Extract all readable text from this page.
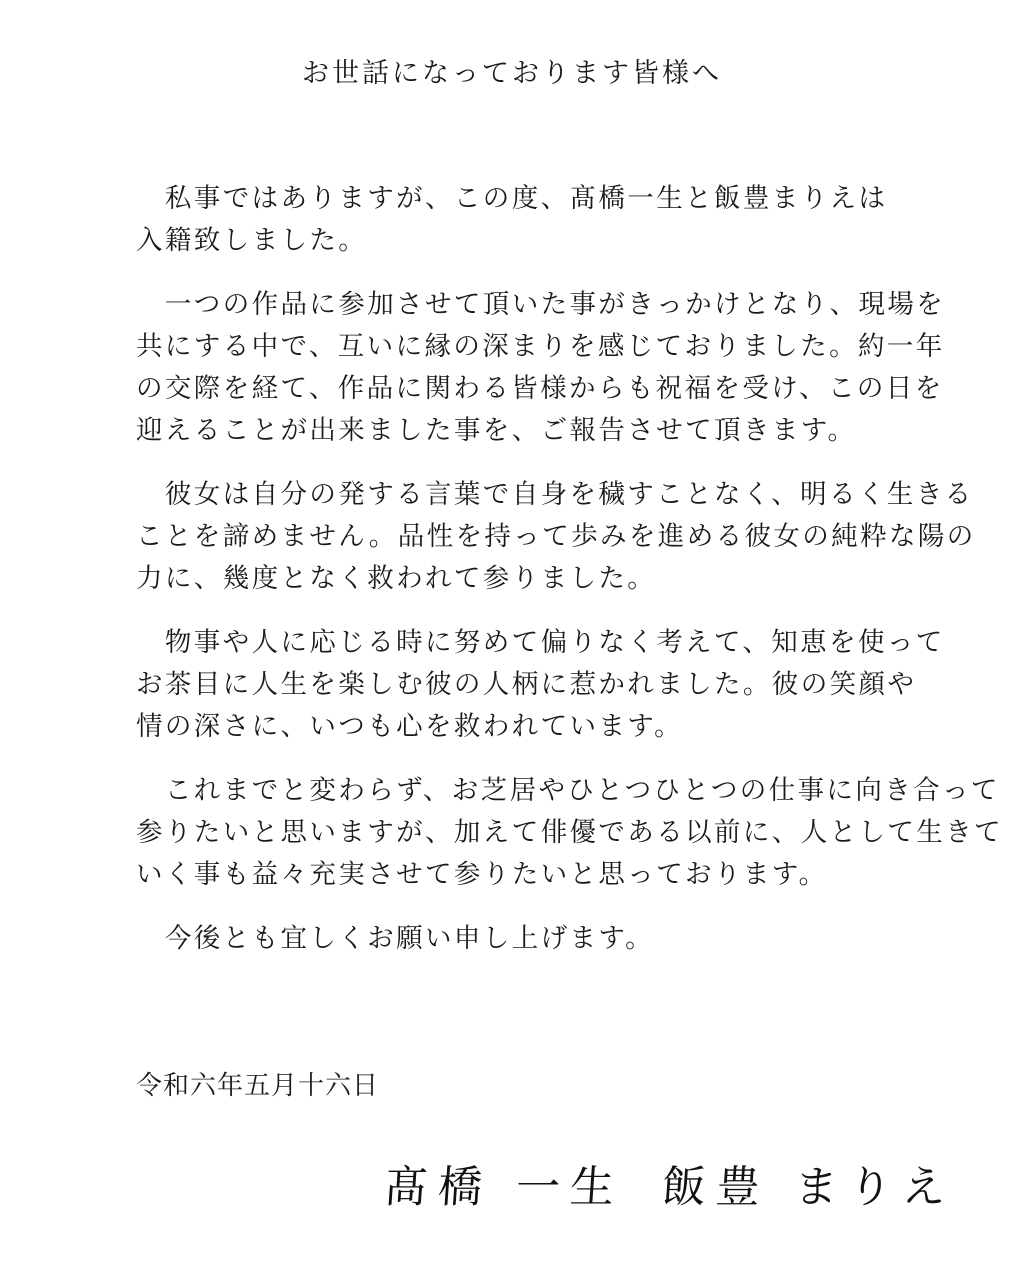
お世話になっております皆様へ

　私事ではありますが、この度、髙橋一生と飯豊まりえは
入籍致しました。

　一つの作品に参加させて頂いた事がきっかけとなり、現場を
共にする中で、互いに縁の深まりを感じておりました。約一年
の交際を経て、作品に関わる皆様からも祝福を受け、この日を
迎えることが出来ました事を、ご報告させて頂きます。

　彼女は自分の発する言葉で自身を穢すことなく、明るく生きる
ことを諦めません。品性を持って歩みを進める彼女の純粋な陽の
力に、幾度となく救われて参りました。

　物事や人に応じる時に努めて偏りなく考えて、知恵を使って
お茶目に人生を楽しむ彼の人柄に惹かれました。彼の笑顔や
情の深さに、いつも心を救われています。

　これまでと変わらず、お芝居やひとつひとつの仕事に向き合って
参りたいと思いますが、加えて俳優である以前に、人として生きて
いく事も益々充実させて参りたいと思っております。

　今後とも宜しくお願い申し上げます。

令和六年五月十六日
髙橋 一生 飯豊 まりえ
